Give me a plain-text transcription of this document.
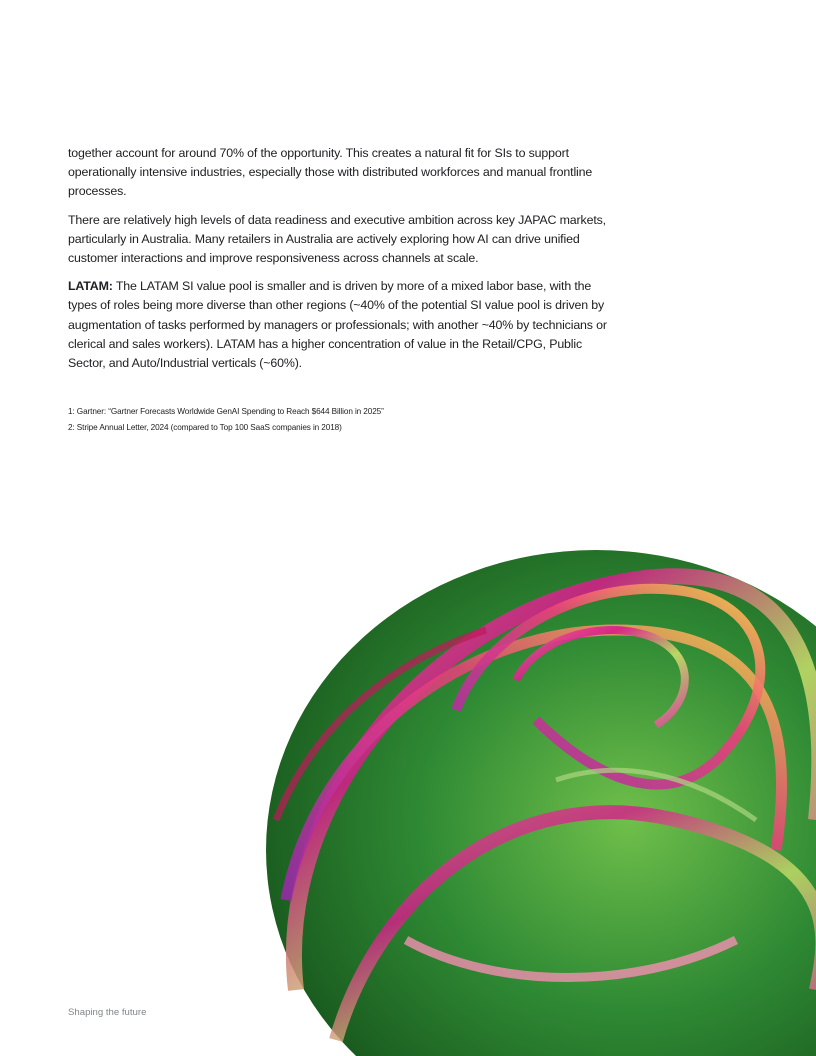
together account for around 70% of the opportunity. This creates a natural fit for SIs to support operationally intensive industries, especially those with distributed workforces and manual frontline processes.

There are relatively high levels of data readiness and executive ambition across key JAPAC markets, particularly in Australia. Many retailers in Australia are actively exploring how AI can drive unified customer interactions and improve responsiveness across channels at scale.

LATAM: The LATAM SI value pool is smaller and is driven by more of a mixed labor base, with the types of roles being more diverse than other regions (~40% of the potential SI value pool is driven by augmentation of tasks performed by managers or professionals; with another ~40% by technicians or clerical and sales workers). LATAM has a higher concentration of value in the Retail/CPG, Public Sector, and Auto/Industrial verticals (~60%).

1: Gartner: “Gartner Forecasts Worldwide GenAI Spending to Reach $644 Billion in 2025”

2: Stripe Annual Letter, 2024 (compared to Top 100 SaaS companies in 2018)

Shaping the future
